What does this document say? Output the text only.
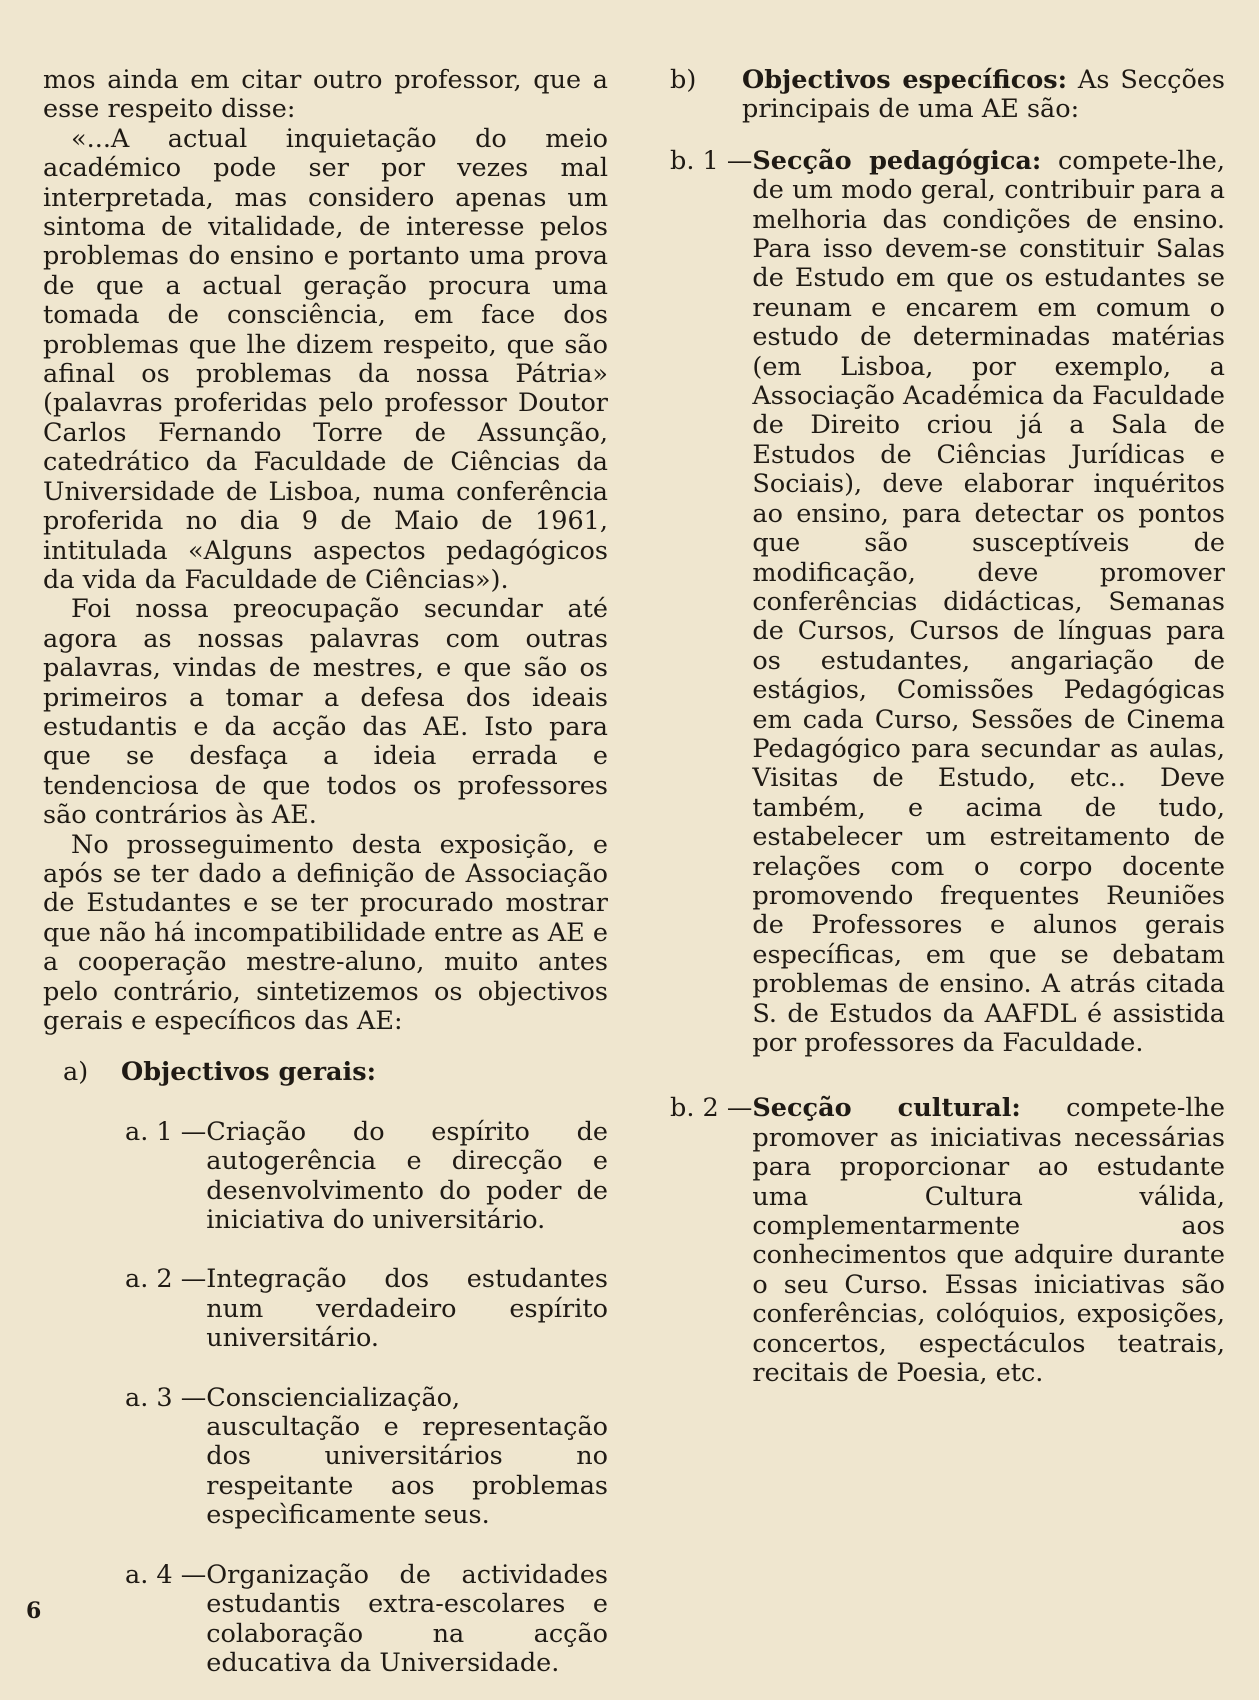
mos ainda em citar outro professor, que a esse respeito disse:

«...A actual inquietação do meio académico pode ser por vezes mal interpretada, mas considero apenas um sintoma de vitalidade, de interesse pelos problemas do ensino e portanto uma prova de que a actual geração procura uma tomada de consciência, em face dos problemas que lhe dizem respeito, que são afinal os problemas da nossa Pátria» (palavras proferidas pelo professor Doutor Carlos Fernando Torre de Assunção, catedrático da Faculdade de Ciências da Universidade de Lisboa, numa conferência proferida no dia 9 de Maio de 1961, intitulada «Alguns aspectos pedagógicos da vida da Faculdade de Ciências»).

Foi nossa preocupação secundar até agora as nossas palavras com outras palavras, vindas de mestres, e que são os primeiros a tomar a defesa dos ideais estudantis e da acção das AE. Isto para que se desfaça a ideia errada e tendenciosa de que todos os professores são contrários às AE.

No prosseguimento desta exposição, e após se ter dado a definição de Associação de Estudantes e se ter procurado mostrar que não há incompatibilidade entre as AE e a cooperação mestre-aluno, muito antes pelo contrário, sintetizemos os objectivos gerais e específicos das AE:

a) Objectivos gerais:
a. 1 — Criação do espírito de autogerência e direcção e desenvolvimento do poder de iniciativa do universitário.
a. 2 — Integração dos estudantes num verdadeiro espírito universitário.
a. 3 — Consciencialização, auscultação e representação dos universitários no respeitante aos problemas especìficamente seus.
a. 4 — Organização de actividades estudantis extra-escolares e colaboração na acção educativa da Universidade.
b)	Objectivos específicos: As Secções principais de uma AE são:
b. 1 — Secção pedagógica: compete-lhe, de um modo geral, contribuir para a melhoria das condições de ensino. Para isso devem-se constituir Salas de Estudo em que os estudantes se reunam e encarem em comum o estudo de determinadas matérias (em Lisboa, por exemplo, a Associação Académica da Faculdade de Direito criou já a Sala de Estudos de Ciências Jurídicas e Sociais), deve elaborar inquéritos ao ensino, para detectar os pontos que são susceptíveis de modificação, deve promover conferências didácticas, Semanas de Cursos, Cursos de línguas para os estudantes, angariação de estágios, Comissões Pedagógicas em cada Curso, Sessões de Cinema Pedagógico para secundar as aulas, Visitas de Estudo, etc.. Deve também, e acima de tudo, estabelecer um estreitamento de relações com o corpo docente promovendo frequentes Reuniões de Professores e alunos gerais específicas, em que se debatam problemas de ensino. A atrás citada S. de Estudos da AAFDL é assistida por professores da Faculdade.
b. 2 — Secção cultural: compete-lhe promover as iniciativas necessárias para proporcionar ao estudante uma Cultura válida, complementarmente aos conhecimentos que adquire durante o seu Curso. Essas iniciativas são conferências, colóquios, exposições, concertos, espectáculos teatrais, recitais de Poesia, etc.
6
